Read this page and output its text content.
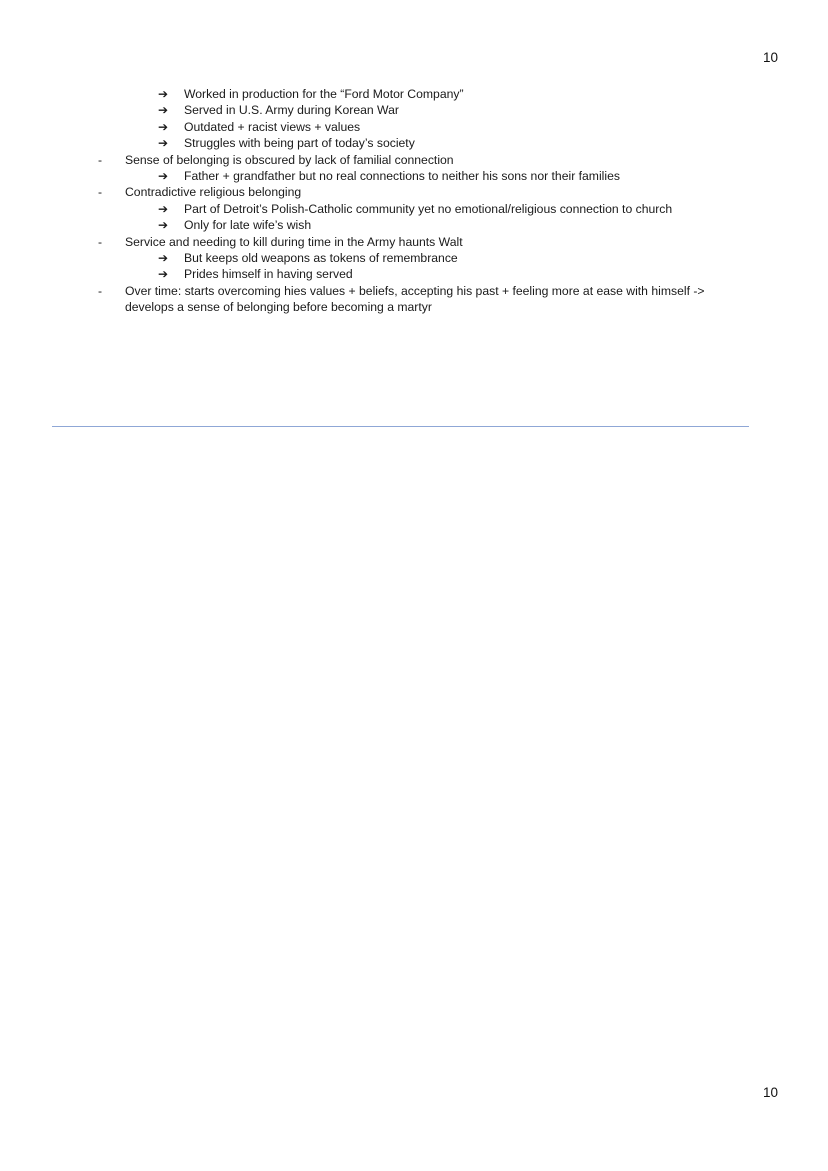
10
➔ Worked in production for the “Ford Motor Company”
➔ Served in U.S. Army during Korean War
➔ Outdated + racist views + values
➔ Struggles with being part of today’s society
- Sense of belonging is obscured by lack of familial connection
➔ Father + grandfather but no real connections to neither his sons nor their families
- Contradictive religious belonging
➔ Part of Detroit’s Polish-Catholic community yet no emotional/religious connection to church
➔ Only for late wife’s wish
- Service and needing to kill during time in the Army haunts Walt
➔ But keeps old weapons as tokens of remembrance
➔ Prides himself in having served
- Over time: starts overcoming hies values + beliefs, accepting his past + feeling more at ease with himself ->
develops a sense of belonging before becoming a martyr
10
